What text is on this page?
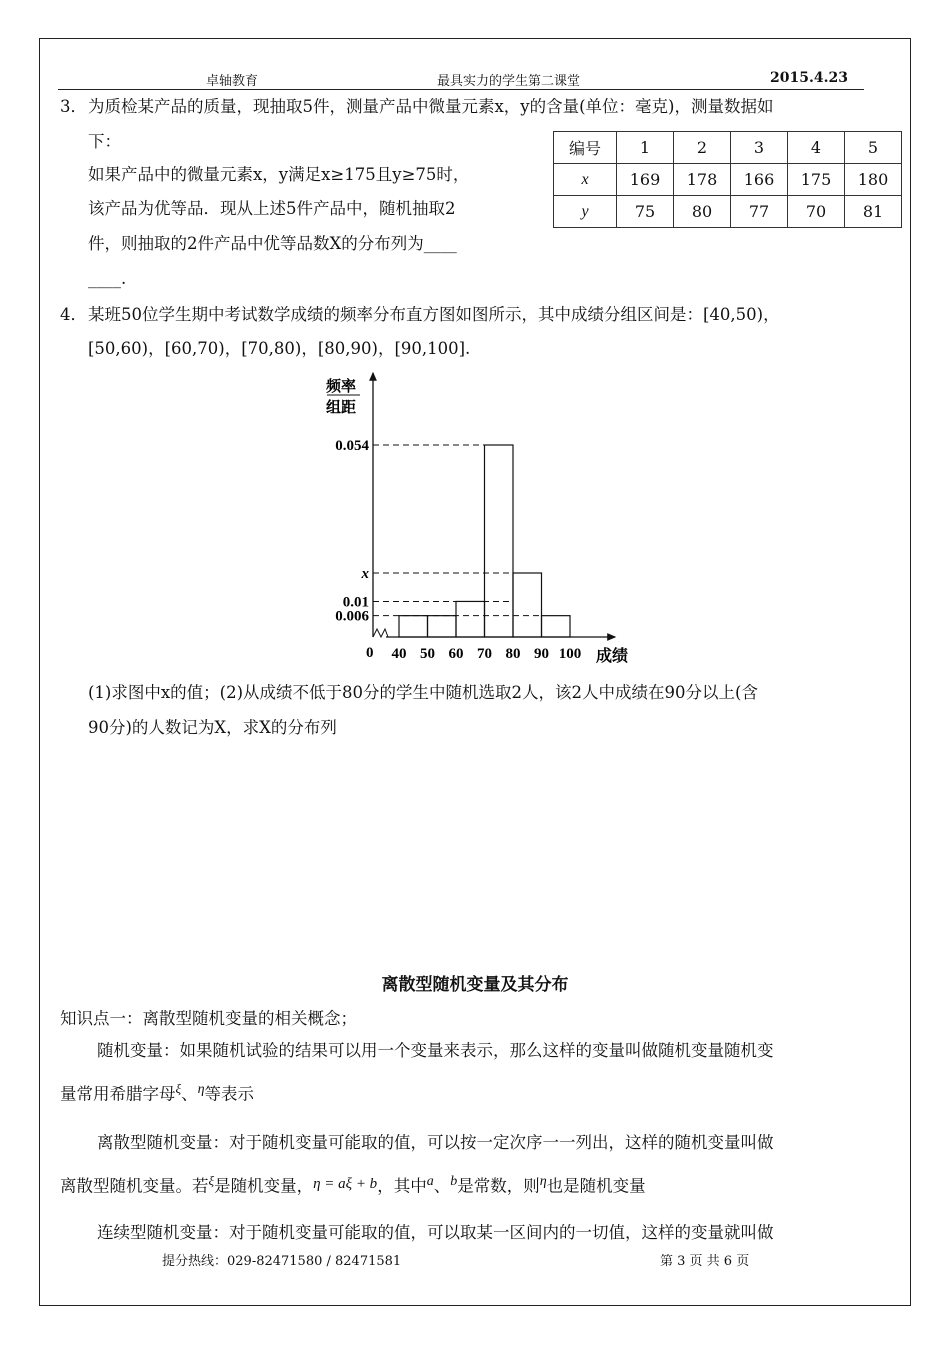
卓轴教育	最具实力的学生第二课堂	2015.4.23
3． 为质检某产品的质量，现抽取5件，测量产品中微量元素x，y的含量(单位：毫克)，测量数据如
下：
如果产品中的微量元素x，y满足x≥175且y≥75时，
该产品为优等品．现从上述5件产品中，随机抽取2
件，则抽取的2件产品中优等品数X的分布列为____
____.
编号	1	2	3	4	5
x	169	178	166	175	180
y	75	80	77	70	81
4． 某班50位学生期中考试数学成绩的频率分布直方图如图所示，其中成绩分组区间是：[40,50)，
[50,60)，[60,70)，[70,80)，[80,90)，[90,100].
频率
组距
0	成绩
40 50 60 70 80 90 100
0.006
0.01
x
0.054
(1)求图中x的值；(2)从成绩不低于80分的学生中随机选取2人，该2人中成绩在90分以上(含
90分)的人数记为X，求X的分布列
离散型随机变量及其分布
知识点一：离散型随机变量的相关概念；
随机变量：如果随机试验的结果可以用一个变量来表示，那么这样的变量叫做随机变量随机变
量常用希腊字母$^\xi$、$^\eta$等表示
离散型随机变量：对于随机变量可能取的值，可以按一定次序一一列出，这样的随机变量叫做
离散型随机变量。若$^\xi$是随机变量，η = aξ + b，其中$^a$、$^b$是常数，则$^\eta$也是随机变量
连续型随机变量：对于随机变量可能取的值，可以取某一区间内的一切值，这样的变量就叫做
提分热线：029-82471580 / 82471581	第 3 页 共 6 页
